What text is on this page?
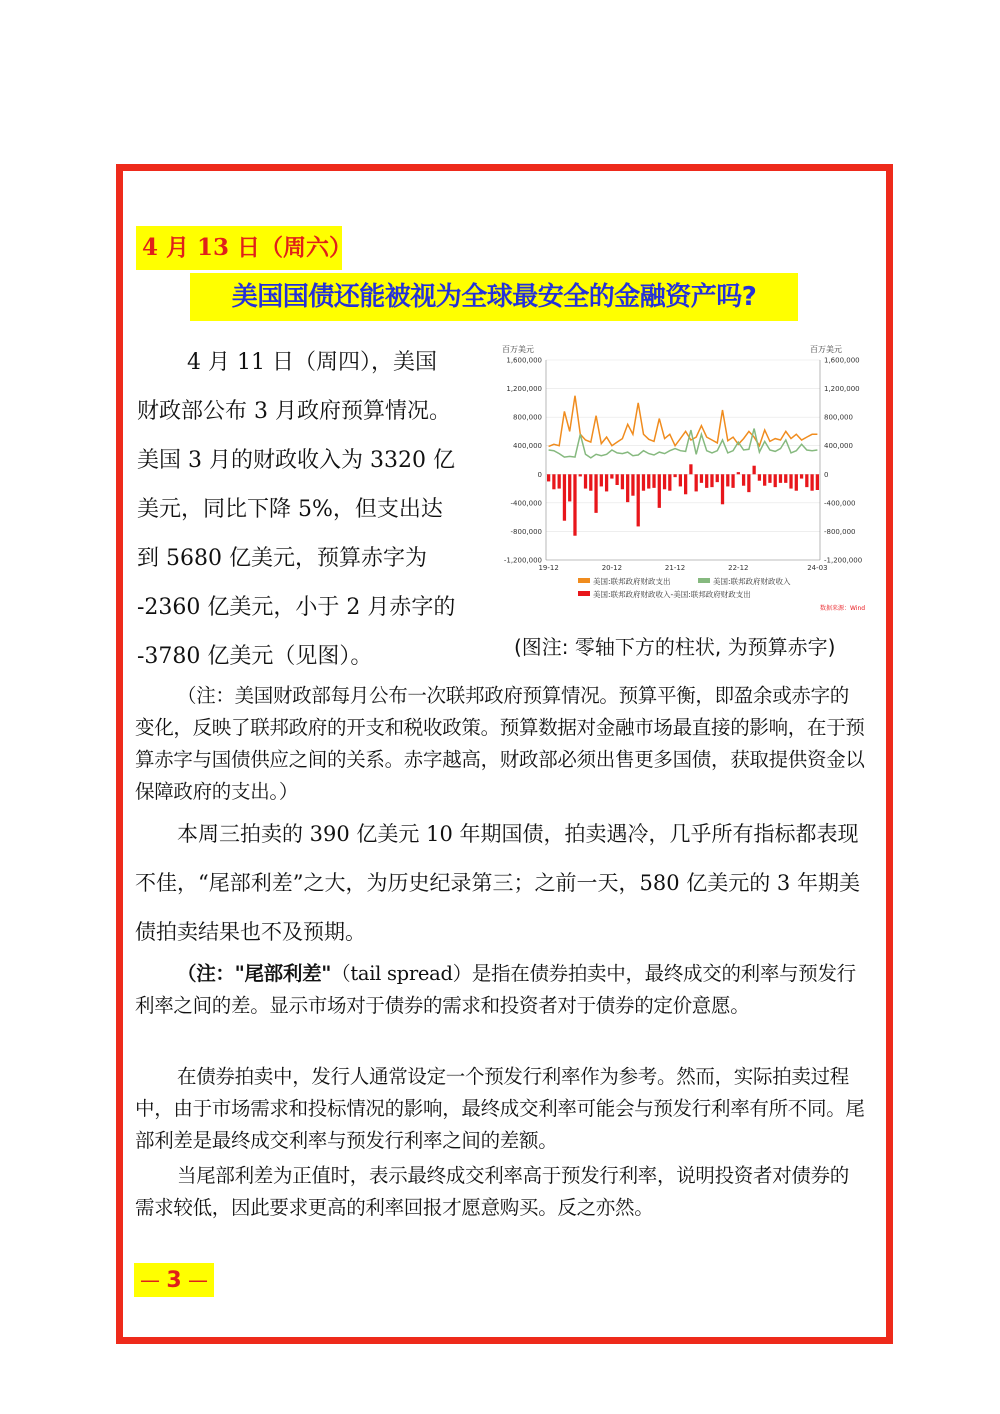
4 月 13 日（周六）
美国国债还能被视为全球最安全的金融资产吗?

4 月 11 日（周四），美国

财政部公布 3 月政府预算情况。

美国 3 月的财政收入为 3320 亿

美元，同比下降 5%，但支出达

到 5680 亿美元，预算赤字为

-2360 亿美元，小于 2 月赤字的

-3780 亿美元（见图）。

1,600,000	1,600,000
1,200,000	1,200,000
800,000	800,000
400,000	400,000
0	0
-400,000	-400,000
-800,000	-800,000
-1,200,000	-1,200,000
19-12	20-12	21-12	22-12	24-03
百万美元	百万美元
美国:联邦政府财政支出	美国:联邦政府财政收入
美国:联邦政府财政收入-美国:联邦政府财政支出
数据来源：Wind
(图注: 零轴下方的柱状, 为预算赤字)

（注：美国财政部每月公布一次联邦政府预算情况。预算平衡，即盈余或赤字的变化，反映了联邦政府的开支和税收政策。预算数据对金融市场最直接的影响，在于预算赤字与国债供应之间的关系。赤字越高，财政部必须出售更多国债，获取提供资金以保障政府的支出。）

本周三拍卖的 390 亿美元 10 年期国债，拍卖遇冷，几乎所有指标都表现不佳，“尾部利差”之大，为历史纪录第三；之前一天，580 亿美元的 3 年期美债拍卖结果也不及预期。

（注："尾部利差"（tail spread）是指在债券拍卖中，最终成交的利率与预发行利率之间的差。显示市场对于债券的需求和投资者对于债券的定价意愿。

在债券拍卖中，发行人通常设定一个预发行利率作为参考。然而，实际拍卖过程中，由于市场需求和投标情况的影响，最终成交利率可能会与预发行利率有所不同。尾部利差是最终成交利率与预发行利率之间的差额。

当尾部利差为正值时，表示最终成交利率高于预发行利率，说明投资者对债券的需求较低，因此要求更高的利率回报才愿意购买。反之亦然。

— 3 —
